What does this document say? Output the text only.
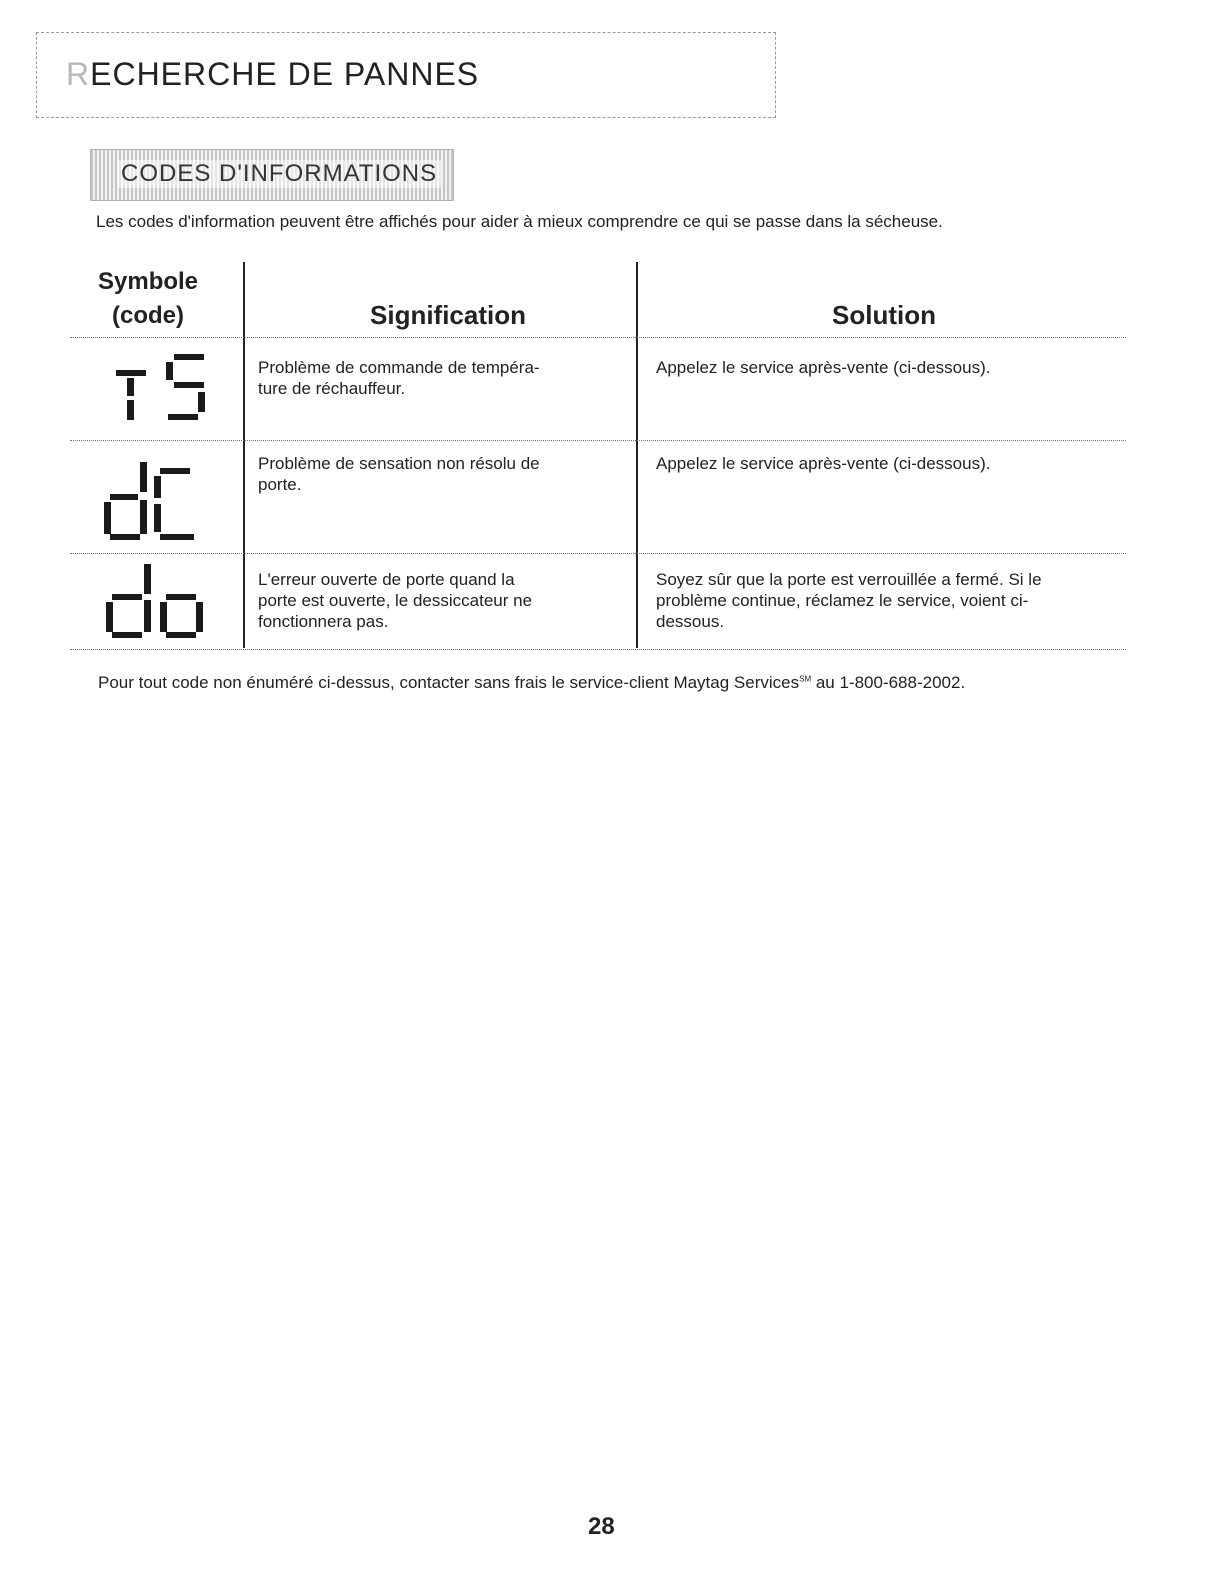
RECHERCHE DE PANNES
CODES D'INFORMATIONS
Les codes d'information peuvent être affichés pour aider à mieux comprendre ce qui se passe dans la sécheuse.
Symbole
(code)	Signification	Solution
Problème de commande de tempéra-
ture de réchauffeur.
Appelez le service après-vente (ci-dessous).
Problème de sensation non résolu de
porte.
Appelez le service après-vente (ci-dessous).
L'erreur ouverte de porte quand la
porte est ouverte, le dessiccateur ne
fonctionnera pas.
Soyez sûr que la porte est verrouillée a fermé. Si le
problème continue, réclamez le service, voient ci-
dessous.
Pour tout code non énuméré ci-dessus, contacter sans frais le service-client Maytag Services℠ au 1-800-688-2002.
28
